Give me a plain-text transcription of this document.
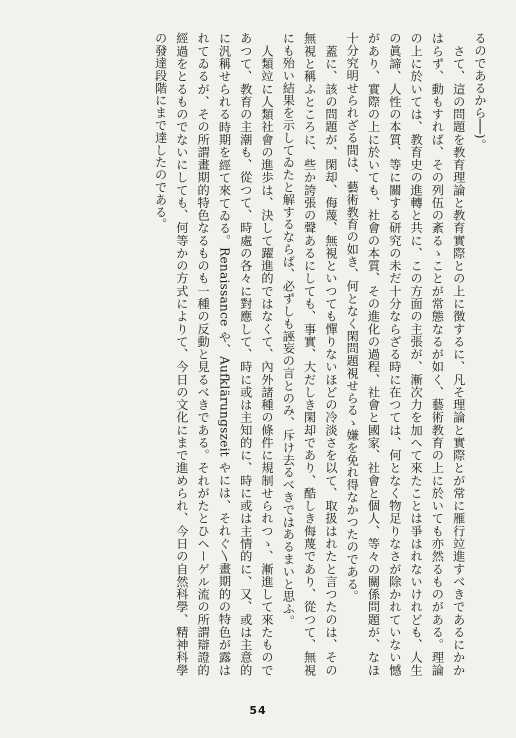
るのであるから──)。

　さて、這の問題を教育理論と教育實際との上に徴するに、凡そ理論と實際とが常に雁行竝進すべきであるにかかはらず、動もすれば、その列伍の紊るゝことが常態なるが如く、藝術教育の上に於いても亦然るものがある。理論の上に於いては、教育史の進轉と共に、この方面の主張が、漸次力を加へて來たことは爭はれないけれども、人生の眞諦、人性の本質、等に關する研究の未だ十分ならざる時に在つては、何となく物足りなさが除かれていない憾があり、實際の上に於いても、社會の本質、その進化の過程、社會と國家、社會と個人、等々の關係問題が、なほ十分究明せられざる間は、藝術教育の如き、何となく閑問題視せらるゝ嫌を免れ得なかつたのである。

　蓋に、該の問題が、閑却、侮蔑、無視といつても憚りないほどの冷淡さを以て、取扱はれたと言つたのは、その無視と稱ふところに、些か誇張の聲あるにしても、事實、大だしき閑却であり、酷しき侮蔑であり、從つて、無視にも殆い結果を示してゐたと解するならば、必ずしも誣妄の言とのみ、斥け去るべきではあるまいと思ふ。

　人類竝に人類社會の進歩は、決して躍進的ではなくて、內外諸種の條件に規制せられつゝ、漸進して來たものであつて、教育の主潮も、從つて、時處の各々に對應して、時に或は主知的に、時に或は主情的に、又、或は主意的に汎稱せられる時期を經て來てゐる。Renaissance や、Aufklärungszeit やには、それぐ〵畫期的の特色が露はれてゐるが、その所謂畫期的特色なるものも一種の反動と見るべきである。それがたとひヘーゲル流の所謂辯證的經過をとるものでないにしても、何等かの方式によりて、今日の文化にまで進められ、今日の自然科學、精神科學の發達段階にまで達したのである。

54
